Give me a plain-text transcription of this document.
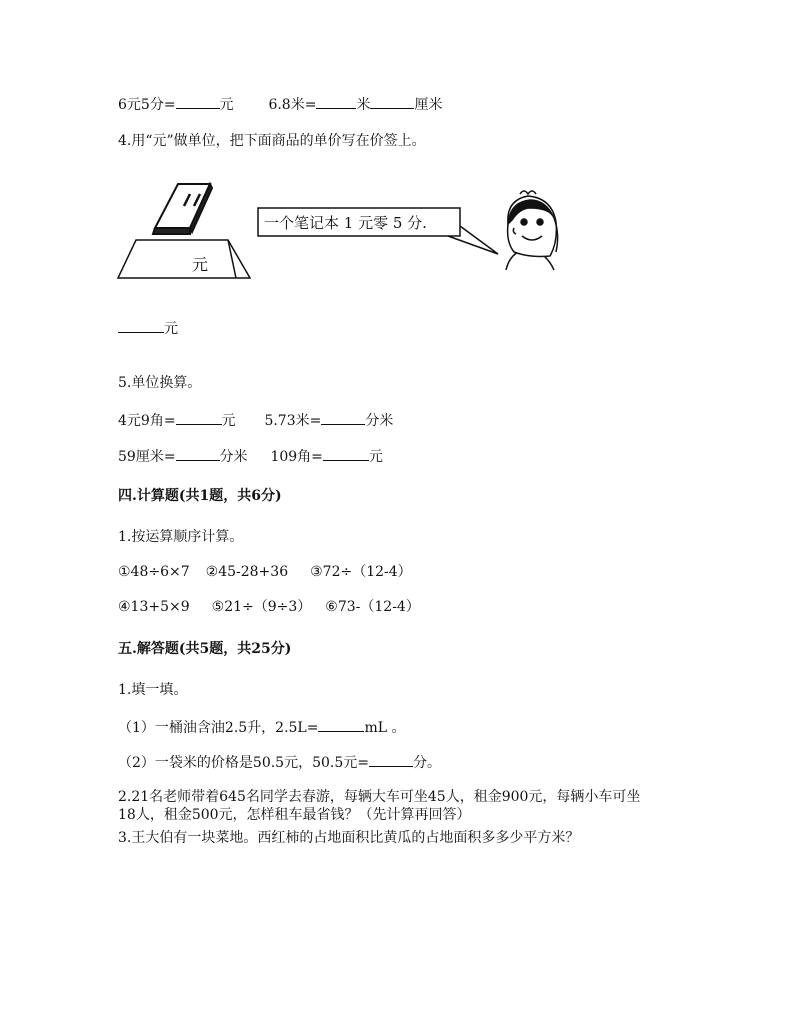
6元5分=	元 6.8米=	米	厘米
4.用“元”做单位，把下面商品的单价写在价签上。
元
一个笔记本 1 元零 5 分.
元
5.单位换算。
4元9角=	元 5.73米=	分米
59厘米=	分米 109角=	元
四.计算题(共1题，共6分)
1.按运算顺序计算。
①48÷6×7 ②45-28+36 ③72÷（12-4）
④13+5×9 ⑤21÷（9÷3） ⑥73-（12-4）
五.解答题(共5题，共25分)
1.填一填。
（1）一桶油含油2.5升，2.5L=	mL 。
（2）一袋米的价格是50.5元，50.5元=	分。
2.21名老师带着645名同学去春游，每辆大车可坐45人，租金900元，每辆小车可坐
18人，租金500元，怎样租车最省钱？（先计算再回答）
3.王大伯有一块菜地。西红柿的占地面积比黄瓜的占地面积多多少平方米？
